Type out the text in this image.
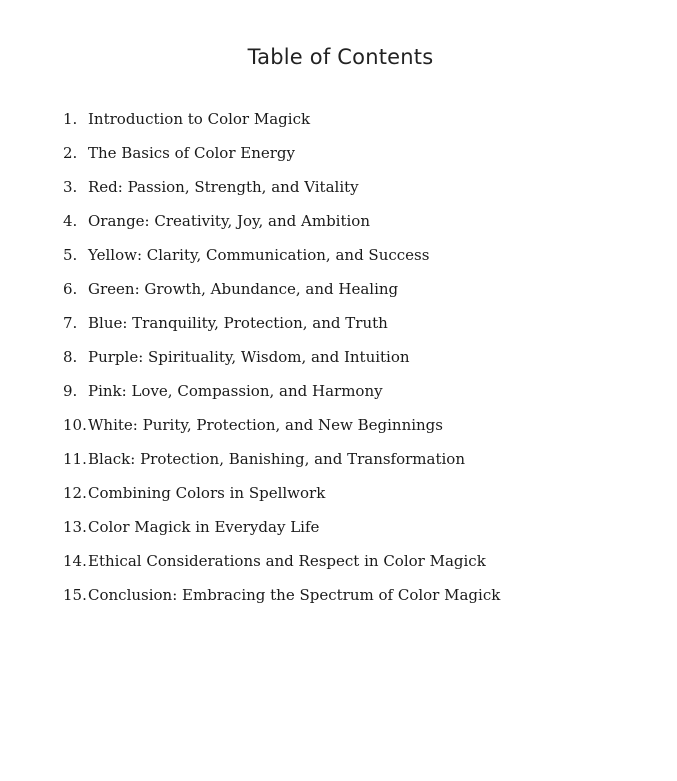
Table of Contents
1. Introduction to Color Magick
2. The Basics of Color Energy
3. Red: Passion, Strength, and Vitality
4. Orange: Creativity, Joy, and Ambition
5. Yellow: Clarity, Communication, and Success
6. Green: Growth, Abundance, and Healing
7. Blue: Tranquility, Protection, and Truth
8. Purple: Spirituality, Wisdom, and Intuition
9. Pink: Love, Compassion, and Harmony
10. White: Purity, Protection, and New Beginnings
11. Black: Protection, Banishing, and Transformation
12. Combining Colors in Spellwork
13. Color Magick in Everyday Life
14. Ethical Considerations and Respect in Color Magick
15. Conclusion: Embracing the Spectrum of Color Magick
